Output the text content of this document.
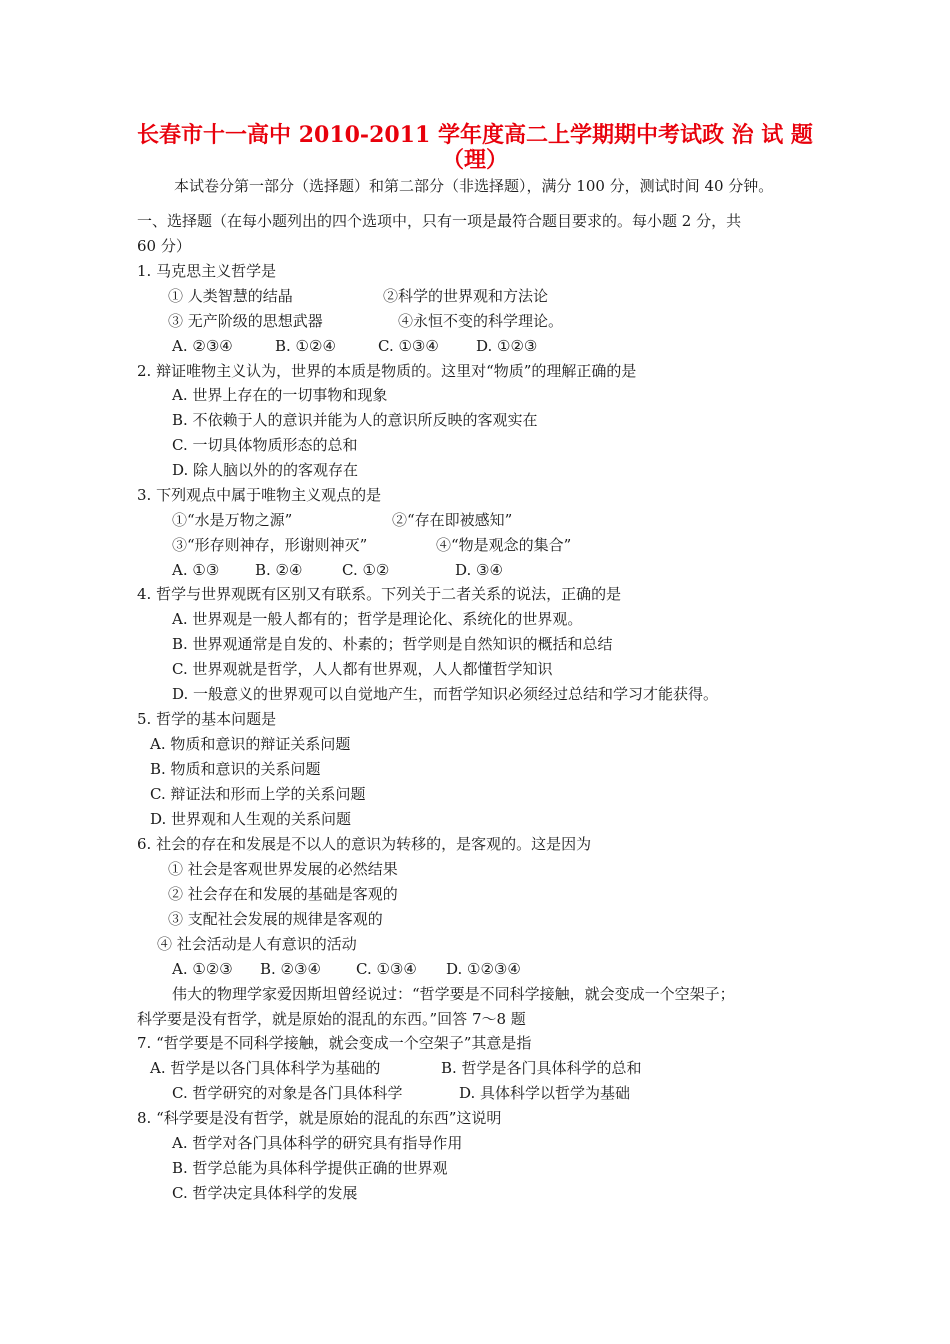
长春市十一高中 2010-2011 学年度高二上学期期中考试政 治 试 题
（理）
本试卷分第一部分（选择题）和第二部分（非选择题），满分 100 分，测试时间 40 分钟。
一、选择题（在每小题列出的四个选项中，只有一项是最符合题目要求的。每小题 2 分，共
60 分）
1. 马克思主义哲学是
① 人类智慧的结晶	②科学的世界观和方法论
③ 无产阶级的思想武器	④永恒不变的科学理论。
A. ②③④	B. ①②④	C. ①③④ D. ①②③
2. 辩证唯物主义认为，世界的本质是物质的。这里对“物质”的理解正确的是
A. 世界上存在的一切事物和现象
B. 不依赖于人的意识并能为人的意识所反映的客观实在
C. 一切具体物质形态的总和
D. 除人脑以外的的客观存在
3. 下列观点中属于唯物主义观点的是
①“水是万物之源”	②“存在即被感知”
③“形存则神存，形谢则神灭”	④“物是观念的集合”
A. ①③ B. ②④	C. ①②	D. ③④
4. 哲学与世界观既有区别又有联系。下列关于二者关系的说法，正确的是
A. 世界观是一般人都有的；哲学是理论化、系统化的世界观。
B. 世界观通常是自发的、朴素的；哲学则是自然知识的概括和总结
C. 世界观就是哲学，人人都有世界观，人人都懂哲学知识
D. 一般意义的世界观可以自觉地产生，而哲学知识必须经过总结和学习才能获得。
5. 哲学的基本问题是
A. 物质和意识的辩证关系问题
B. 物质和意识的关系问题
C. 辩证法和形而上学的关系问题
D. 世界观和人生观的关系问题
6. 社会的存在和发展是不以人的意识为转移的，是客观的。这是因为
① 社会是客观世界发展的必然结果
② 社会存在和发展的基础是客观的
③ 支配社会发展的规律是客观的
④ 社会活动是人有意识的活动
A. ①②③ B. ②③④ C. ①③④ D. ①②③④
伟大的物理学家爱因斯坦曾经说过：“哲学要是不同科学接触，就会变成一个空架子；
科学要是没有哲学，就是原始的混乱的东西。”回答 7～8 题
7. “哲学要是不同科学接触，就会变成一个空架子”其意是指
A. 哲学是以各门具体科学为基础的	B. 哲学是各门具体科学的总和
C. 哲学研究的对象是各门具体科学	D. 具体科学以哲学为基础
8. “科学要是没有哲学，就是原始的混乱的东西”这说明
A. 哲学对各门具体科学的研究具有指导作用
B. 哲学总能为具体科学提供正确的世界观
C. 哲学决定具体科学的发展
